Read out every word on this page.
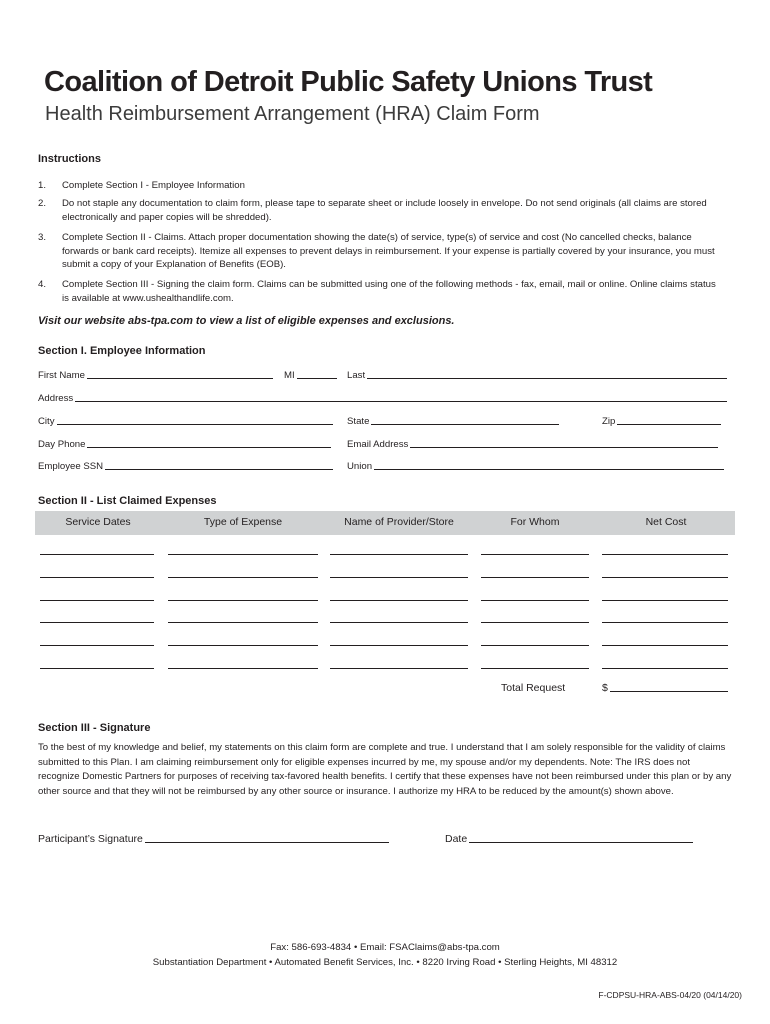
Coalition of Detroit Public Safety Unions Trust
Health Reimbursement Arrangement (HRA) Claim Form
Instructions
1.	Complete Section I - Employee Information
2.	Do not staple any documentation to claim form, please tape to separate sheet or include loosely in envelope. Do not send originals (all claims are stored electronically and paper copies will be shredded).
3.	Complete Section II - Claims. Attach proper documentation showing the date(s) of service, type(s) of service and cost (No cancelled checks, balance forwards or bank card receipts). Itemize all expenses to prevent delays in reimbursement. If your expense is partially covered by your insurance, you must submit a copy of your Explanation of Benefits (EOB).
4.	Complete Section III - Signing the claim form. Claims can be submitted using one of the following methods - fax, email, mail or online. Online claims status is available at www.ushealthandlife.com.
Visit our website abs-tpa.com to view a list of eligible expenses and exclusions.
Section I. Employee Information
First Name	MI	Last
Address
City	State	Zip
Day Phone	Email Address
Employee SSN	Union
Section II - List Claimed Expenses
Service Dates	Type of Expense	Name of Provider/Store	For Whom	Net Cost
Total Request	$
Section III - Signature
To the best of my knowledge and belief, my statements on this claim form are complete and true. I understand that I am solely responsible for the validity of claims submitted to this Plan. I am claiming reimbursement only for eligible expenses incurred by me, my spouse and/or my dependents. Note: The IRS does not recognize Domestic Partners for purposes of receiving tax-favored health benefits. I certify that these expenses have not been reimbursed under this plan or by any other source and that they will not be reimbursed by any other source or insurance. I authorize my HRA to be reduced by the amount(s) shown above.
Participant’s Signature	Date
Fax: 586-693-4834 • Email: FSAClaims@abs-tpa.com
Substantiation Department • Automated Benefit Services, Inc. • 8220 Irving Road • Sterling Heights, MI 48312
F-CDPSU-HRA-ABS-04/20 (04/14/20)
